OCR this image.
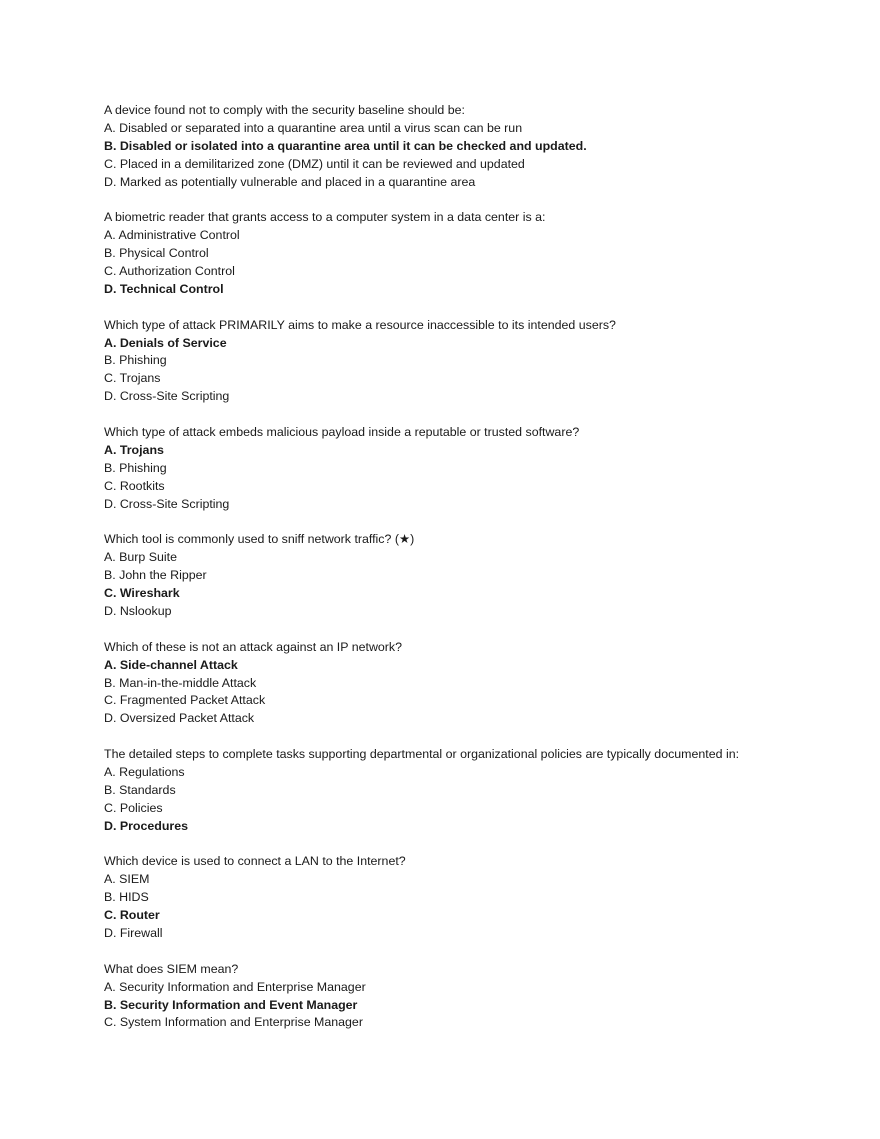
A device found not to comply with the security baseline should be:
A. Disabled or separated into a quarantine area until a virus scan can be run
B. Disabled or isolated into a quarantine area until it can be checked and updated.
C. Placed in a demilitarized zone (DMZ) until it can be reviewed and updated
D. Marked as potentially vulnerable and placed in a quarantine area
A biometric reader that grants access to a computer system in a data center is a:
A. Administrative Control
B. Physical Control
C. Authorization Control
D. Technical Control
Which type of attack PRIMARILY aims to make a resource inaccessible to its intended users?
A. Denials of Service
B. Phishing
C. Trojans
D. Cross-Site Scripting
Which type of attack embeds malicious payload inside a reputable or trusted software?
A. Trojans
B. Phishing
C. Rootkits
D. Cross-Site Scripting
Which tool is commonly used to sniff network traffic? (★)
A. Burp Suite
B. John the Ripper
C. Wireshark
D. Nslookup
Which of these is not an attack against an IP network?
A. Side-channel Attack
B. Man-in-the-middle Attack
C. Fragmented Packet Attack
D. Oversized Packet Attack
The detailed steps to complete tasks supporting departmental or organizational policies are typically documented in:
A. Regulations
B. Standards
C. Policies
D. Procedures
Which device is used to connect a LAN to the Internet?
A. SIEM
B. HIDS
C. Router
D. Firewall
What does SIEM mean?
A. Security Information and Enterprise Manager
B. Security Information and Event Manager
C. System Information and Enterprise Manager
